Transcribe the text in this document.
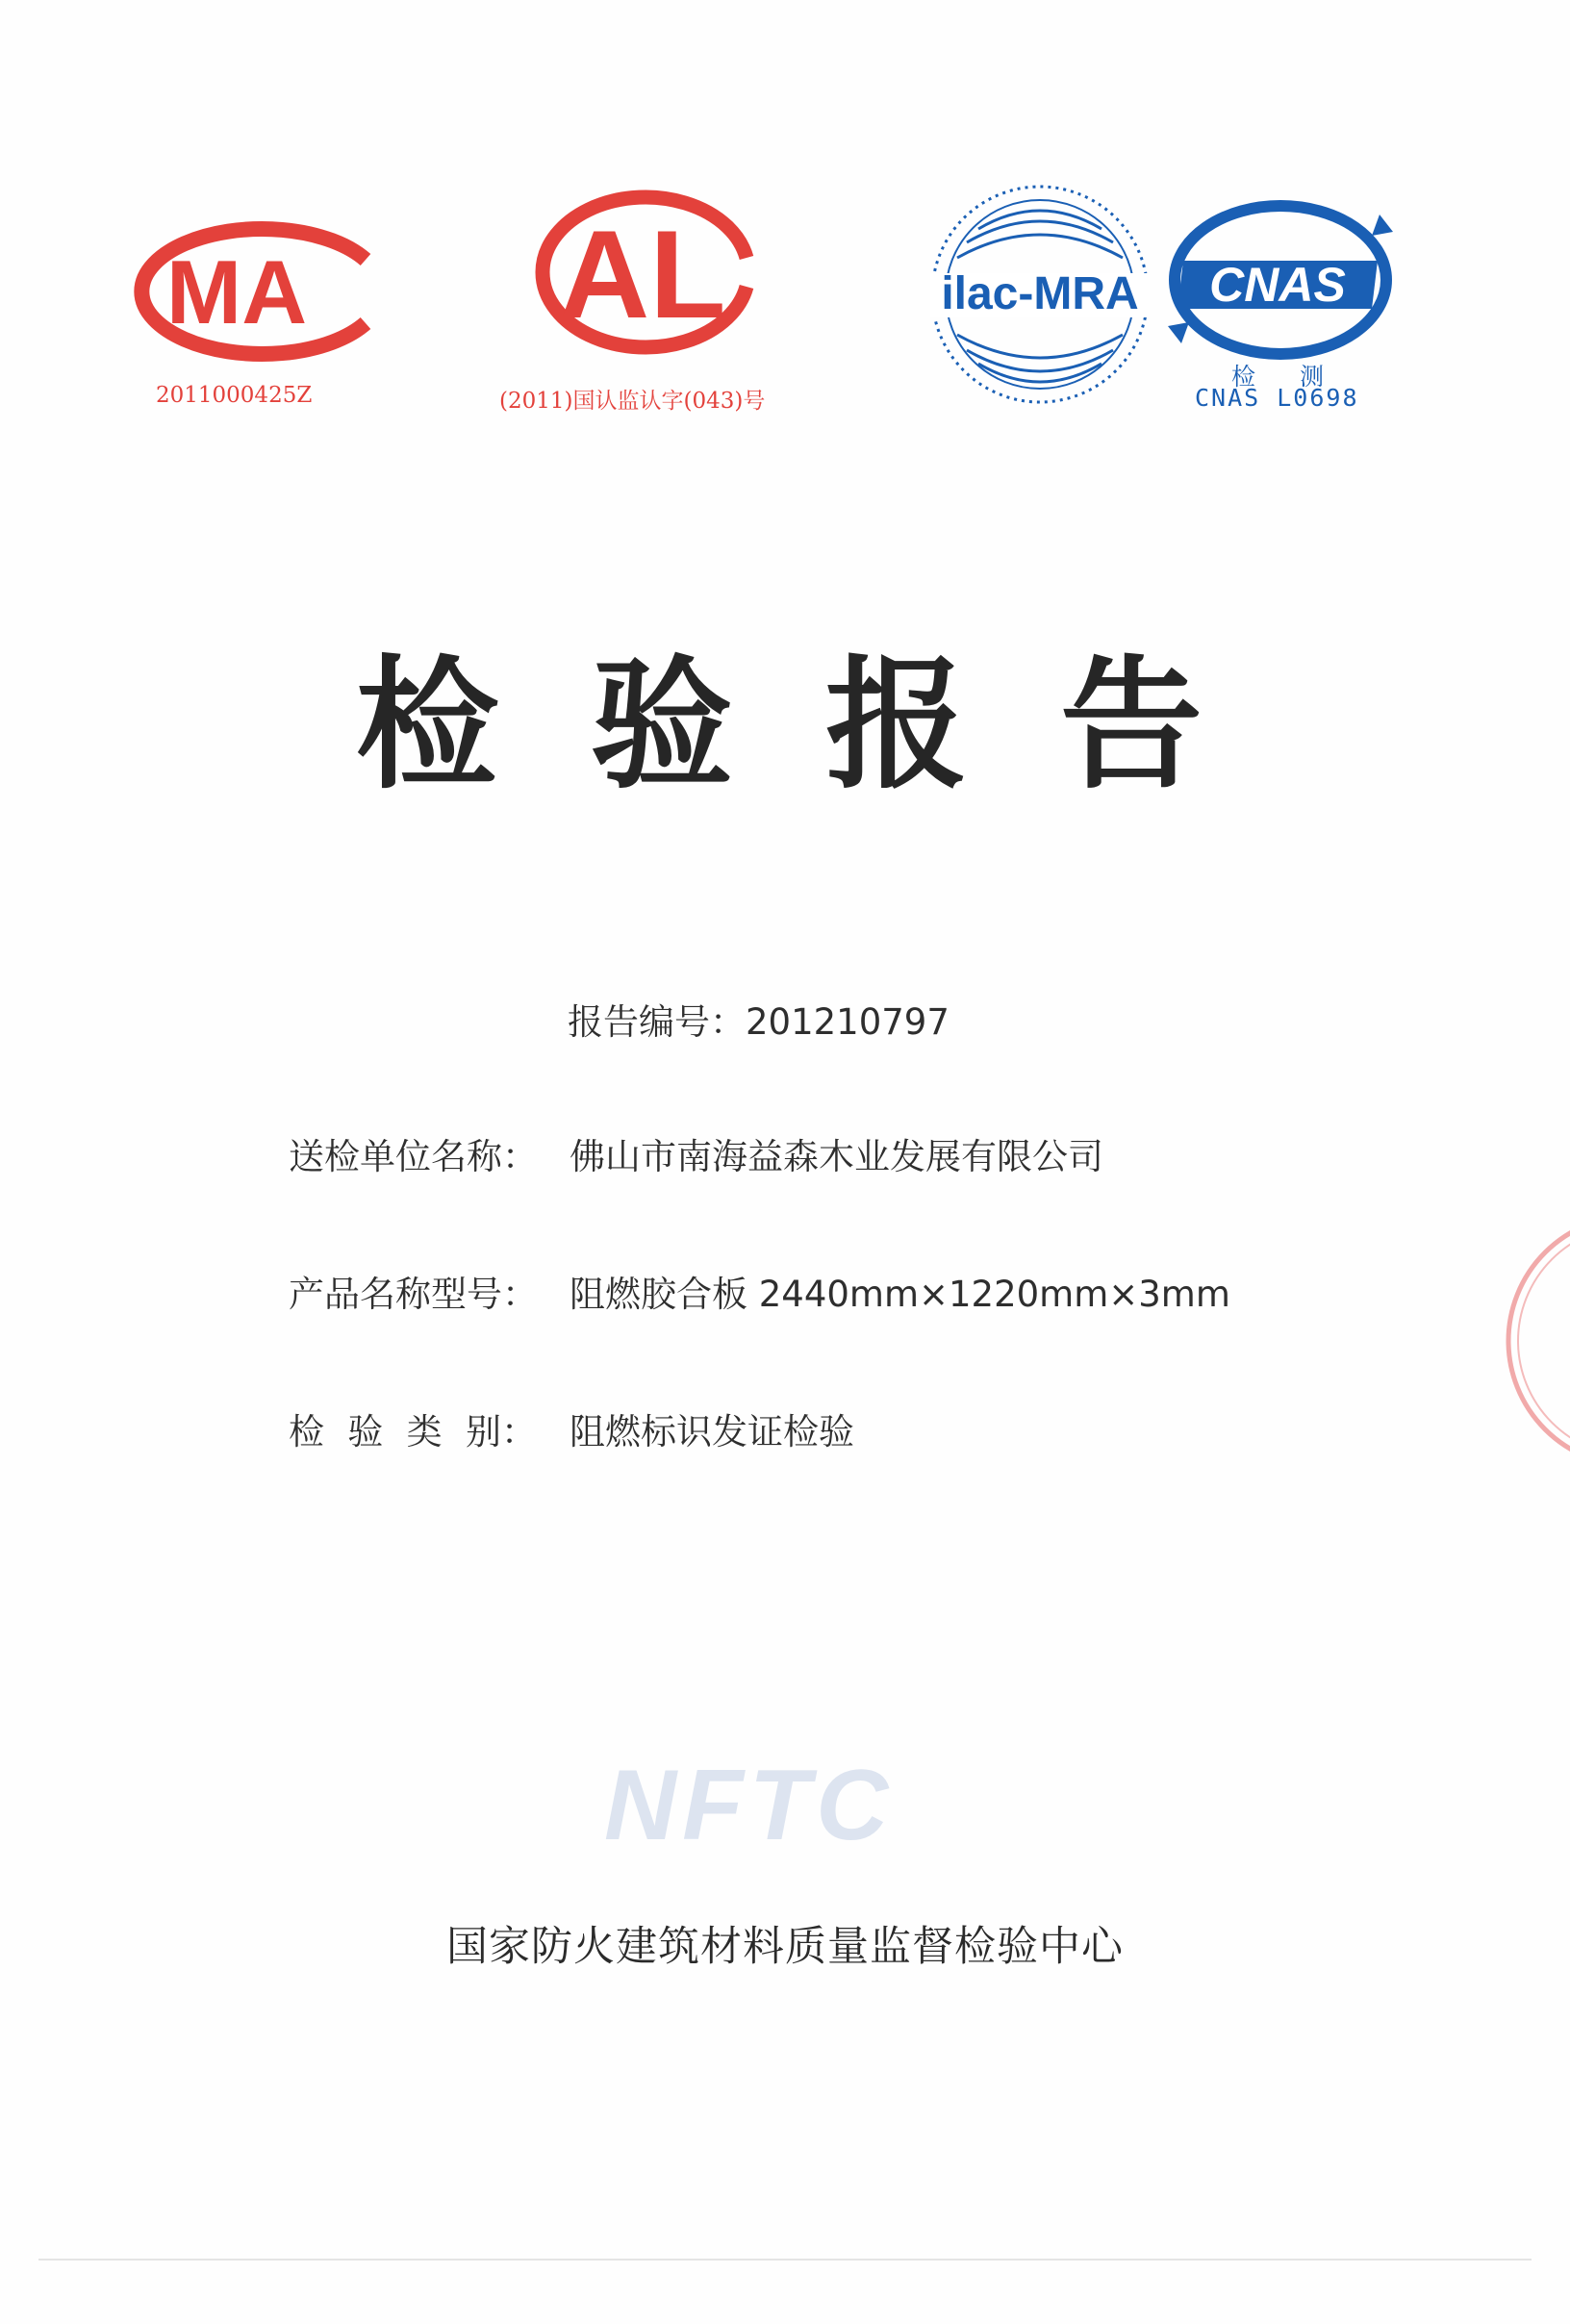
MA
2011000425Z
AL
(2011)国认监认字(043)号
ilac-MRA CNAS
检 测
CNAS L0698
检 验 报 告
报告编号：201210797
送检单位名称： 佛山市南海益森木业发展有限公司
产品名称型号： 阻燃胶合板 2440mm×1220mm×3mm
检 验 类 别： 阻燃标识发证检验
NFTC
国家防火建筑材料质量监督检验中心
